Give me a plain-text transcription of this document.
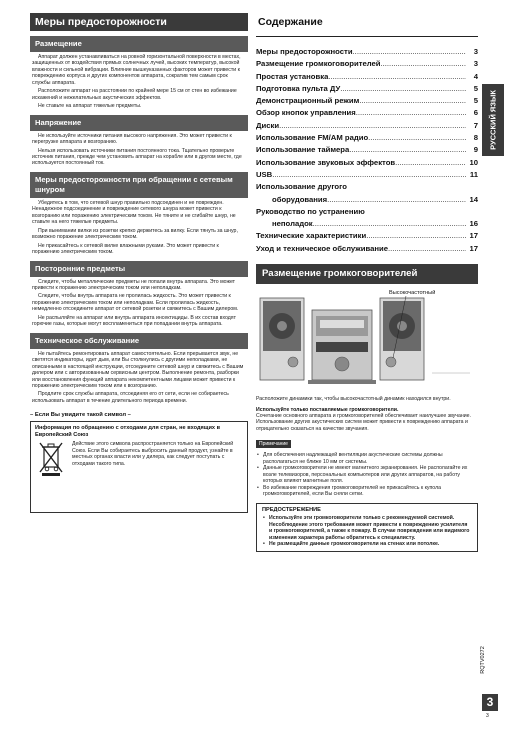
Меры предосторожности
Размещение

Аппарат должен устанавливаться на ровной горизонтальной поверхности в местах, защищенных от воздействия прямых солнечных лучей, высоких температур, высокой влажности и сильной вибрации. Влияние вышеуказанных факторов может привести к повреждению корпуса и других компонентов аппарата, сократив тем самым срок службы аппарата.

Расположите аппарат на расстоянии по крайней мере 15 см от стен во избежание искажений и нежелательных акустических эффектов.

Не ставьте на аппарат тяжелые предметы.

Напряжение

Не используйте источники питания высокого напряжения. Это может привести к перегрузке аппарата и возгоранию.

Нельзя использовать источники питания постоянного тока. Тщательно проверьте источник питания, прежде чем установить аппарат на корабле или в другом месте, где используется постоянный ток.

Меры предосторожности при обращении с сетевым шнуром

Убедитесь в том, что сетевой шнур правильно подсоединен и не поврежден. Ненадежное подсоединение и повреждение сетевого шнура может привести к возгоранию или поражению электрическим током. Не тяните и не сгибайте шнур, не ставьте на него тяжелые предметы.

При вынимании вилки из розетки крепко держитесь за вилку. Если тянуть за шнур, возможно поражение электрическим током.

Не прикасайтесь к сетевой вилке влажными руками. Это может привести к поражению электрическим током.

Посторонние предметы

Следите, чтобы металлические предметы не попали внутрь аппарата. Это может привести к поражению электрическим током или неполадкам.

Следите, чтобы внутрь аппарата не пролилась жидкость. Это может привести к поражению электрическим током или неполадкам. Если пролилась жидкость, немедленно отсоедините аппарат от сетевой розетки и свяжитесь с Вашим дилером.

Не распыляйте на аппарат или внутрь аппарата инсектициды. В их состав входят горючие газы, которые могут воспламениться при попадании внутрь аппарата.

Техническое обслуживание

Не пытайтесь ремонтировать аппарат самостоятельно. Если прерывается звук, не светятся индикаторы, идет дым, или Вы столкнулись с другими неполадками, не описанными в настоящей инструкции, отсоедините сетевой шнур и свяжитесь с Вашим дилером или с авторизованным сервисным центром. Выполнение ремонта, разборки или восстановления функций аппарата некомпетентными лицами может привести к поражению электрическим током или к возгоранию.

Продлите срок службы аппарата, отсоединяя его от сети, если не собираетесь использовать аппарат в течение длительного периода времени.

– Если Вы увидите такой символ –
Информация по обращению с отходами для стран, не входящих в Европейский Союз
Действие этого символа распространяется только на Европейский Союз. Если Вы собираетесь выбросить данный продукт, узнайте в местных органах власти или у дилера, как следует поступать с отходами такого типа.
Содержание
Меры предосторожности .....	3
Размещение громкоговорителей .....	3
Простая установка .....	4
Подготовка пульта ДУ .....	5
Демонстрационный режим .....	5
Обзор кнопок управления .....	6
Диски .....	7
Использование FM/AM радио .....	8
Использование таймера .....	9
Использование звуковых эффектов .....	10
USB .....	11
Использование другого
оборудования .....	14
Руководство по устранению
неполадок .....	16
Технические характеристики .....	17
Уход и техническое обслуживание .....	17
Размещение громкоговорителей
Высокочастотный

Расположите динамики так, чтобы высокочастотный динамик находился внутри.

Используйте только поставляемые громкоговорители.

Сочетание основного аппарата и громкоговорителей обеспечивает наилучшее звучание. Использование других акустических систем может привести к повреждению аппарата и отрицательно сказаться на качестве звучания.

Примечание
• Для обеспечения надлежащей вентиляции акустические системы должны располагаться не ближе 10 мм от системы.
• Данные громкоговорители не имеют магнитного экранирования. Не располагайте их возле телевизоров, персональных компьютеров или других аппаратов, на работу которых влияют магнитные поля.
• Во избежание повреждения громкоговорителей не прикасайтесь к купола громкоговорителей, если Вы сняли сетки.
ПРЕДОСТЕРЕЖЕНИЕ
• Используйте эти громкоговорители только с рекомендуемой системой. Несоблюдение этого требования может привести к повреждению усилителя и громкоговорителей, а также к пожару. В случае повреждения или видимого изменения характера работы обратитесь к специалисту.
• Не размещайте данные громкоговорители на стенах или потолке.
РУССКИЙ ЯЗЫК
RQTV0272
3
3
